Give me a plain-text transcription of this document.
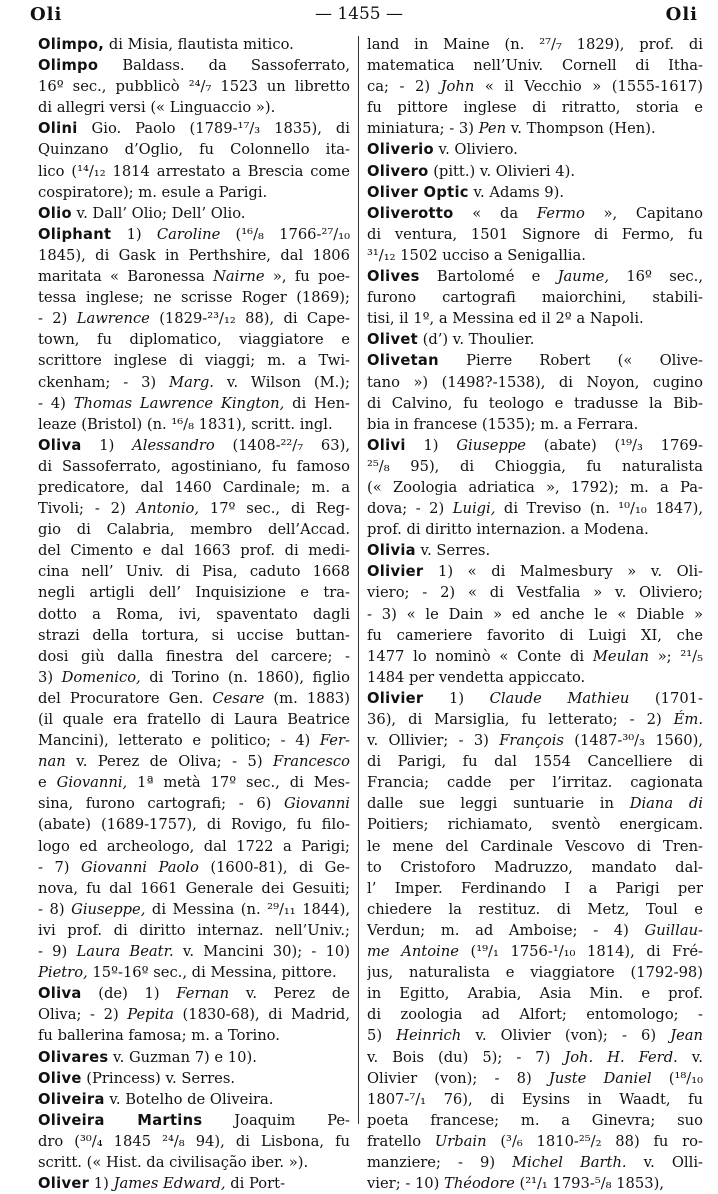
Oli	— 1455 —	Oli
Olimpo, di Misia, flautista mitico.
Olimpo Baldass. da Sassoferrato,
16º sec., pubblicò ²⁴/₇ 1523 un libretto
di allegri versi (« Linguaccio »).
Olini Gio. Paolo (1789-¹⁷/₃ 1835), di
Quinzano d’Oglio, fu Colonnello ita-
lico (¹⁴/₁₂ 1814 arrestato a Brescia come
cospiratore); m. esule a Parigi.
Olio v. Dall’ Olio; Dell’ Olio.
Oliphant 1) Caroline (¹⁶/₈ 1766-²⁷/₁₀
1845), di Gask in Perthshire, dal 1806
maritata « Baronessa Nairne », fu poe-
tessa inglese; ne scrisse Roger (1869);
- 2) Lawrence (1829-²³/₁₂ 88), di Cape-
town, fu diplomatico, viaggiatore e
scrittore inglese di viaggi; m. a Twi-
ckenham; - 3) Marg. v. Wilson (M.);
- 4) Thomas Lawrence Kington, di Hen-
leaze (Bristol) (n. ¹⁶/₈ 1831), scritt. ingl.
Oliva 1) Alessandro (1408-²²/₇ 63),
di Sassoferrato, agostiniano, fu famoso
predicatore, dal 1460 Cardinale; m. a
Tivoli; - 2) Antonio, 17º sec., di Reg-
gio di Calabria, membro dell’Accad.
del Cimento e dal 1663 prof. di medi-
cina nell’ Univ. di Pisa, caduto 1668
negli artigli dell’ Inquisizione e tra-
dotto a Roma, ivi, spaventato dagli
strazi della tortura, si uccise buttan-
dosi giù dalla finestra del carcere; -
3) Domenico, di Torino (n. 1860), figlio
del Procuratore Gen. Cesare (m. 1883)
(il quale era fratello di Laura Beatrice
Mancini), letterato e politico; - 4) Fer-
nan v. Perez de Oliva; - 5) Francesco
e Giovanni, 1ª metà 17º sec., di Mes-
sina, furono cartografi; - 6) Giovanni
(abate) (1689-1757), di Rovigo, fu filo-
logo ed archeologo, dal 1722 a Parigi;
- 7) Giovanni Paolo (1600-81), di Ge-
nova, fu dal 1661 Generale dei Gesuiti;
- 8) Giuseppe, di Messina (n. ²⁹/₁₁ 1844),
ivi prof. di diritto internaz. nell’Univ.;
- 9) Laura Beatr. v. Mancini 30); - 10)
Pietro, 15º-16º sec., di Messina, pittore.
Oliva (de) 1) Fernan v. Perez de
Oliva; - 2) Pepita (1830-68), di Madrid,
fu ballerina famosa; m. a Torino.
Olivares v. Guzman 7) e 10).
Olive (Princess) v. Serres.
Oliveira v. Botelho de Oliveira.
Oliveira Martins Joaquim Pe-
dro (³⁰/₄ 1845 ²⁴/₈ 94), di Lisbona, fu
scritt. (« Hist. da civilisação iber. »).
Oliver 1) James Edward, di Port-
land in Maine (n. ²⁷/₇ 1829), prof. di
matematica nell’Univ. Cornell di Itha-
ca; - 2) John « il Vecchio » (1555-1617)
fu pittore inglese di ritratto, storia e
miniatura; - 3) Pen v. Thompson (Hen).
Oliverio v. Oliviero.
Olivero (pitt.) v. Olivieri 4).
Oliver Optic v. Adams 9).
Oliverotto « da Fermo », Capitano
di ventura, 1501 Signore di Fermo, fu
³¹/₁₂ 1502 ucciso a Senigallia.
Olives Bartolomé e Jaume, 16º sec.,
furono cartografi maiorchini, stabili-
tisi, il 1º, a Messina ed il 2º a Napoli.
Olivet (d’) v. Thoulier.
Olivetan Pierre Robert (« Olive-
tano ») (1498?-1538), di Noyon, cugino
di Calvino, fu teologo e tradusse la Bib-
bia in francese (1535); m. a Ferrara.
Olivi 1) Giuseppe (abate) (¹⁹/₃ 1769-
²⁵/₈ 95), di Chioggia, fu naturalista
(« Zoologia adriatica », 1792); m. a Pa-
dova; - 2) Luigi, di Treviso (n. ¹⁰/₁₀ 1847),
prof. di diritto internazion. a Modena.
Olivia v. Serres.
Olivier 1) « di Malmesbury » v. Oli-
viero; - 2) « di Vestfalia » v. Oliviero;
- 3) « le Dain » ed anche le « Diable »
fu cameriere favorito di Luigi XI, che
1477 lo nominò « Conte di Meulan »; ²¹/₅
1484 per vendetta appiccato.
Olivier 1) Claude Mathieu (1701-
36), di Marsiglia, fu letterato; - 2) Ém.
v. Ollivier; - 3) François (1487-³⁰/₃ 1560),
di Parigi, fu dal 1554 Cancelliere di
Francia; cadde per l’irritaz. cagionata
dalle sue leggi suntuarie in Diana di
Poitiers; richiamato, sventò energicam.
le mene del Cardinale Vescovo di Tren-
to Cristoforo Madruzzo, mandato dal-
l’ Imper. Ferdinando I a Parigi per
chiedere la restituz. di Metz, Toul e
Verdun; m. ad Amboise; - 4) Guillau-
me Antoine (¹⁹/₁ 1756-¹/₁₀ 1814), di Fré-
jus, naturalista e viaggiatore (1792-98)
in Egitto, Arabia, Asia Min. e prof.
di zoologia ad Alfort; entomologo; -
5) Heinrich v. Olivier (von); - 6) Jean
v. Bois (du) 5); - 7) Joh. H. Ferd. v.
Olivier (von); - 8) Juste Daniel (¹⁸/₁₀
1807-⁷/₁ 76), di Eysins in Waadt, fu
poeta francese; m. a Ginevra; suo
fratello Urbain (³/₆ 1810-²⁵/₂ 88) fu ro-
manziere; - 9) Michel Barth. v. Olli-
vier; - 10) Théodore (²¹/₁ 1793-⁵/₈ 1853),
